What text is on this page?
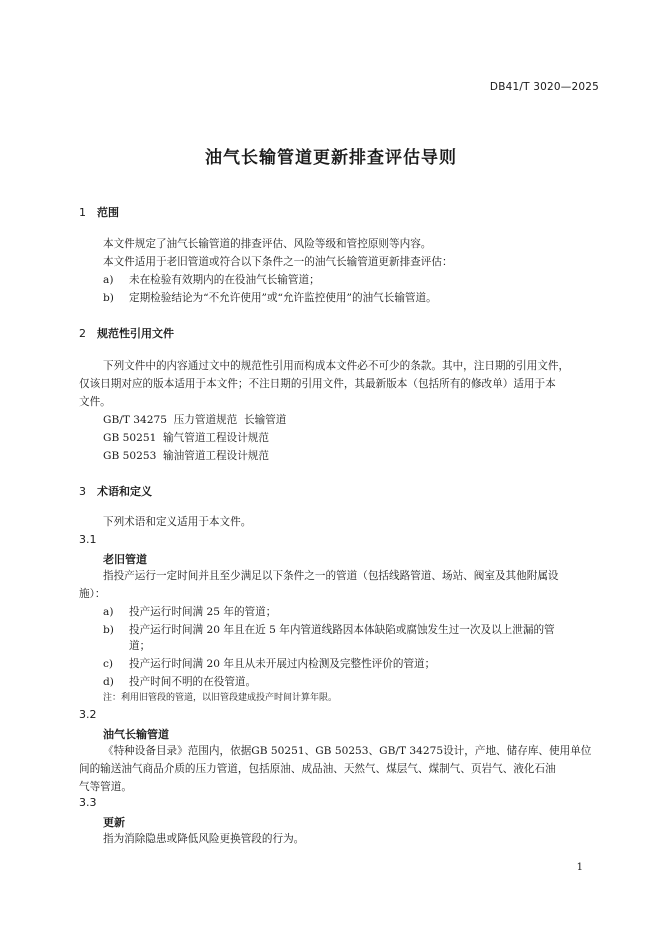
DB41/T 3020—2025
油气长输管道更新排查评估导则
1 范围
本文件规定了油气长输管道的排查评估、风险等级和管控原则等内容。
本文件适用于老旧管道或符合以下条件之一的油气长输管道更新排查评估：
a) 未在检验有效期内的在役油气长输管道；
b) 定期检验结论为“不允许使用”或“允许监控使用”的油气长输管道。
2 规范性引用文件
下列文件中的内容通过文中的规范性引用而构成本文件必不可少的条款。其中，注日期的引用文件，
仅该日期对应的版本适用于本文件；不注日期的引用文件，其最新版本（包括所有的修改单）适用于本
文件。
GB/T 34275  压力管道规范  长输管道
GB 50251  输气管道工程设计规范
GB 50253  输油管道工程设计规范
3 术语和定义
下列术语和定义适用于本文件。
3.1
老旧管道
指投产运行一定时间并且至少满足以下条件之一的管道（包括线路管道、场站、阀室及其他附属设
施）：
a) 投产运行时间满 25 年的管道；
b) 投产运行时间满 20 年且在近 5 年内管道线路因本体缺陷或腐蚀发生过一次及以上泄漏的管
道；
c) 投产运行时间满 20 年且从未开展过内检测及完整性评价的管道；
d) 投产时间不明的在役管道。
注：利用旧管段的管道，以旧管段建成投产时间计算年限。
3.2
油气长输管道
《特种设备目录》范围内，依据GB 50251、GB 50253、GB/T 34275设计，产地、储存库、使用单位
间的输送油气商品介质的压力管道，包括原油、成品油、天然气、煤层气、煤制气、页岩气、液化石油
气等管道。
3.3
更新
指为消除隐患或降低风险更换管段的行为。
1
